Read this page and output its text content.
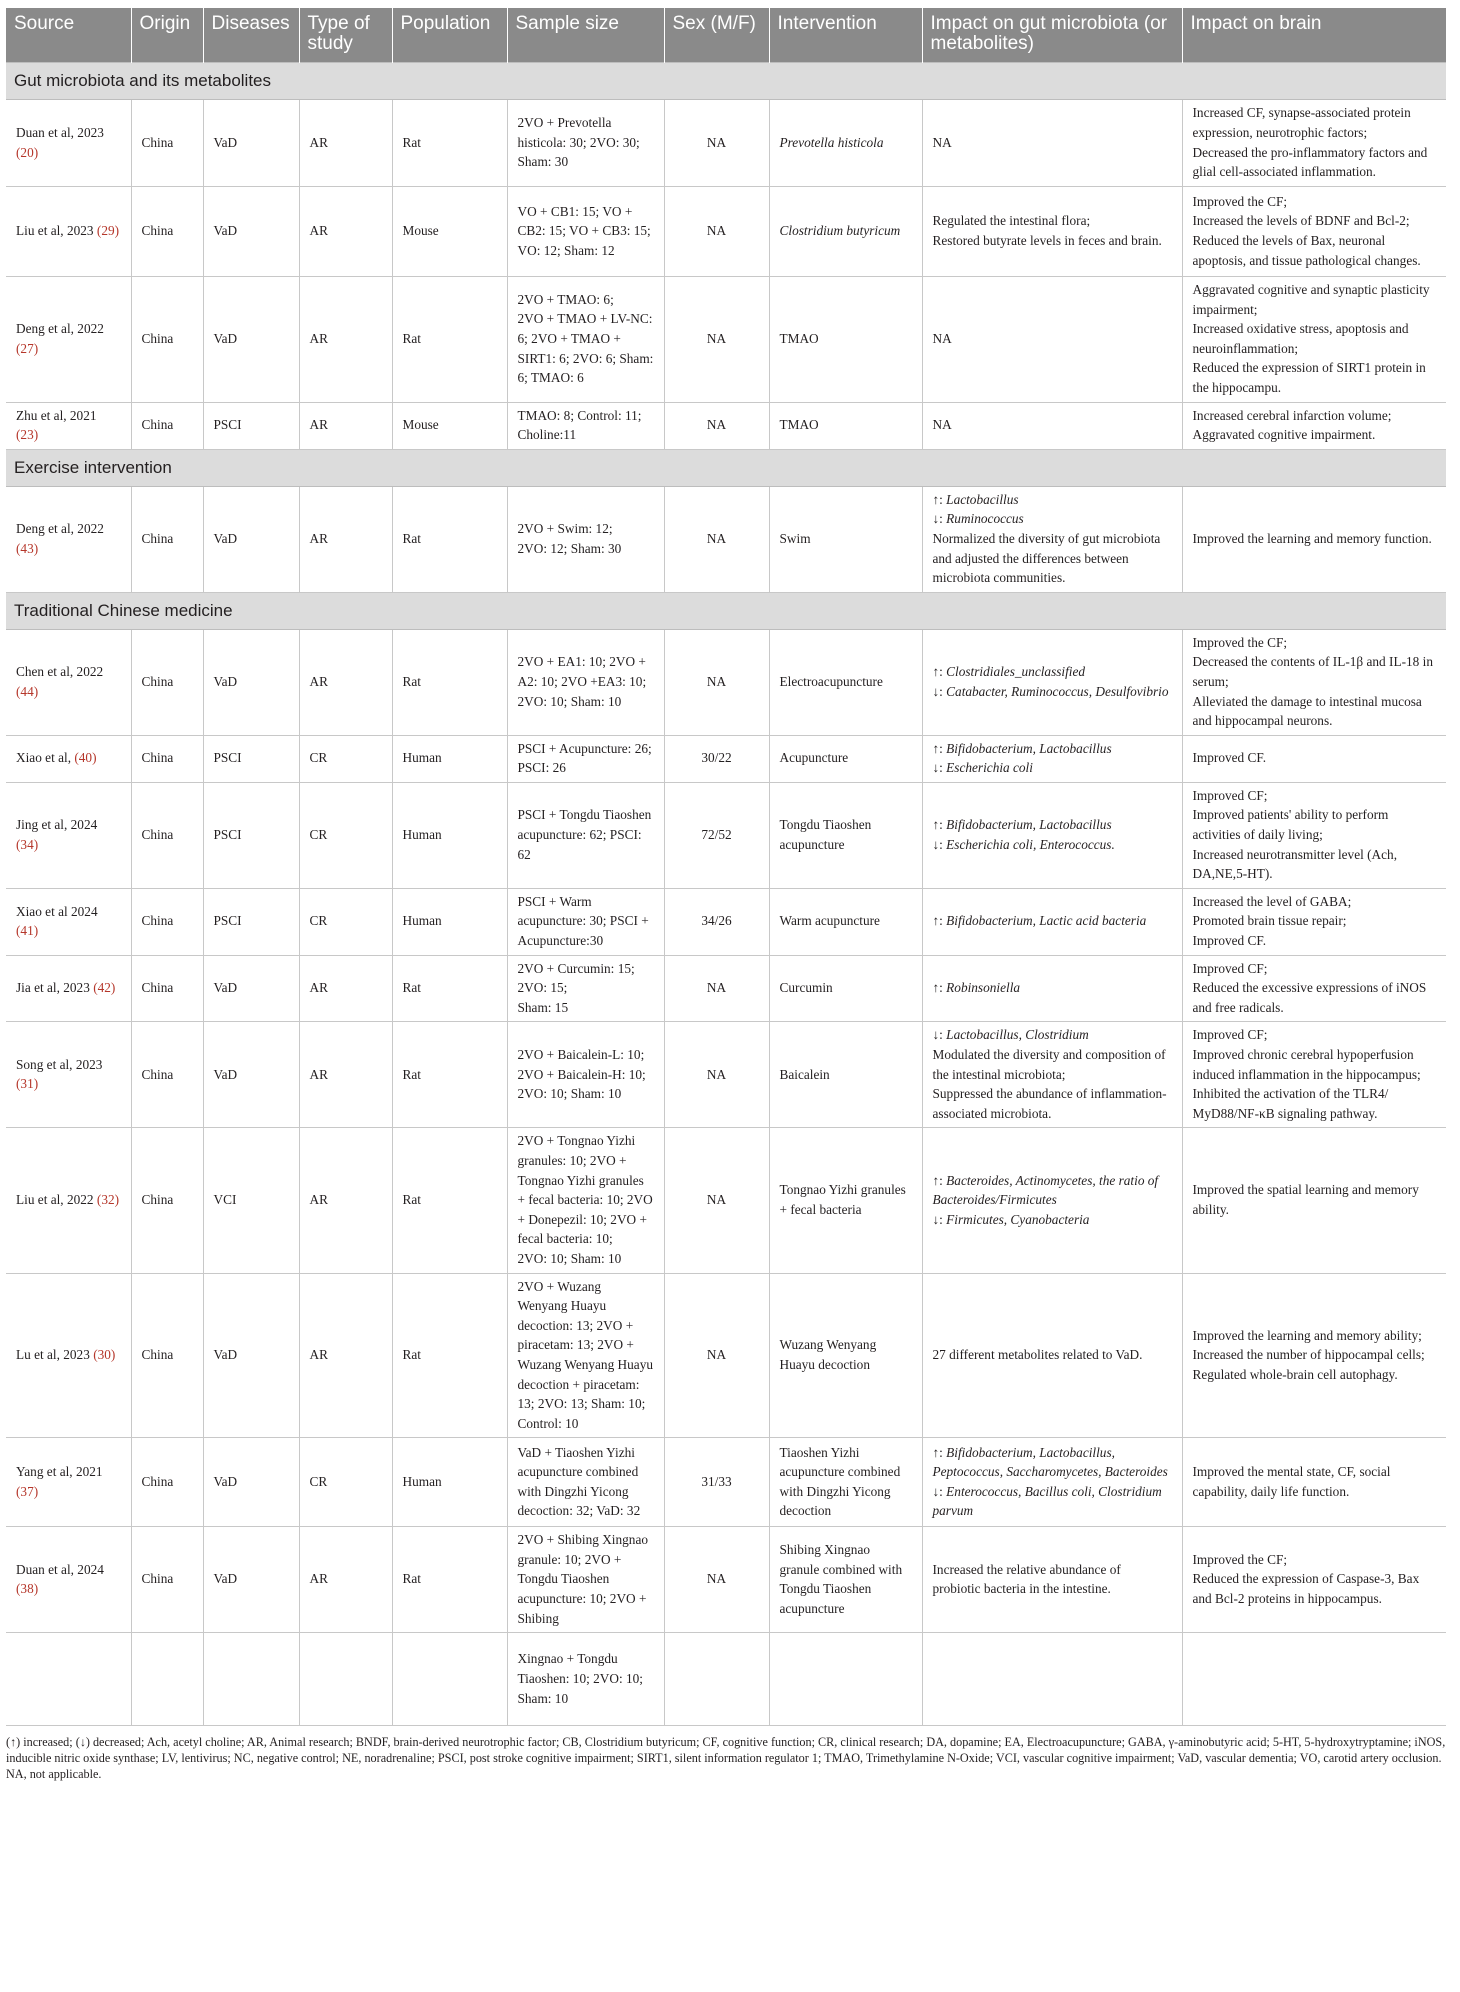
Source	Origin	Diseases	Type of study	Population	Sample size	Sex (M/F)	Intervention	Impact on gut microbiota (or metabolites)	Impact on brain
Gut microbiota and its metabolites									
Duan et al, 2023 (20)	China	VaD	AR	Rat	2VO + Prevotella histicola: 30; 2VO: 30; Sham: 30	NA	Prevotella histicola	NA	Increased CF, synapse-associated protein expression, neurotrophic factors;
Decreased the pro-inflammatory factors and glial cell-associated inflammation.

Liu et al, 2023 (29)	China	VaD	AR	Mouse	VO + CB1: 15; VO + CB2: 15; VO + CB3: 15; VO: 12; Sham: 12	NA	Clostridium butyricum	Regulated the intestinal flora;
Restored butyrate levels in feces and brain.	Improved the CF;
Increased the levels of BDNF and Bcl-2;
Reduced the levels of Bax, neuronal apoptosis, and tissue pathological changes.

Deng et al, 2022 (27)	China	VaD	AR	Rat	2VO + TMAO: 6;
2VO + TMAO + LV-NC: 6; 2VO + TMAO + SIRT1: 6; 2VO: 6; Sham: 6; TMAO: 6	NA	TMAO	NA	Aggravated cognitive and synaptic plasticity impairment;
Increased oxidative stress, apoptosis and neuroinflammation;
Reduced the expression of SIRT1 protein in the hippocampu.

Zhu et al, 2021 (23)	China	PSCI	AR	Mouse	TMAO: 8; Control: 11; Choline:11	NA	TMAO	NA	Increased cerebral infarction volume;
Aggravated cognitive impairment.

Exercise intervention									
Deng et al, 2022 (43)	China	VaD	AR	Rat	2VO + Swim: 12;
2VO: 12; Sham: 30	NA	Swim	↑: Lactobacillus
↓: Ruminococcus
Normalized the diversity of gut microbiota and adjusted the differences between microbiota communities.	Improved the learning and memory function.

Traditional Chinese medicine									
Chen et al, 2022 (44)	China	VaD	AR	Rat	2VO + EA1: 10; 2VO + A2: 10; 2VO +EA3: 10; 2VO: 10; Sham: 10	NA	Electroacupuncture	↑: Clostridiales_unclassified
↓: Catabacter, Ruminococcus, Desulfovibrio	Improved the CF;
Decreased the contents of IL-1β and IL-18 in serum;
Alleviated the damage to intestinal mucosa and hippocampal neurons.

Xiao et al, (40)	China	PSCI	CR	Human	PSCI + Acupuncture: 26; PSCI: 26	30/22	Acupuncture	↑: Bifidobacterium, Lactobacillus
↓: Escherichia coli	Improved CF.

Jing et al, 2024 (34)	China	PSCI	CR	Human	PSCI + Tongdu Tiaoshen acupuncture: 62; PSCI: 62	72/52	Tongdu Tiaoshen acupuncture	↑: Bifidobacterium, Lactobacillus
↓: Escherichia coli, Enterococcus.	Improved CF;
Improved patients' ability to perform activities of daily living;
Increased neurotransmitter level (Ach, DA,NE,5-HT).

Xiao et al 2024 (41)	China	PSCI	CR	Human	PSCI + Warm acupuncture: 30; PSCI + Acupuncture:30	34/26	Warm acupuncture	↑: Bifidobacterium, Lactic acid bacteria	Increased the level of GABA;
Promoted brain tissue repair;
Improved CF.

Jia et al, 2023 (42)	China	VaD	AR	Rat	2VO + Curcumin: 15;
2VO: 15;
Sham: 15	NA	Curcumin	↑: Robinsoniella	Improved CF;
Reduced the excessive expressions of iNOS and free radicals.

Song et al, 2023 (31)	China	VaD	AR	Rat	2VO + Baicalein-L: 10; 2VO + Baicalein-H: 10; 2VO: 10; Sham: 10	NA	Baicalein	↓: Lactobacillus, Clostridium
Modulated the diversity and composition of the intestinal microbiota;
Suppressed the abundance of inflammation-associated microbiota.	Improved CF;
Improved chronic cerebral hypoperfusion induced inflammation in the hippocampus;
Inhibited the activation of the TLR4/ MyD88/NF-κB signaling pathway.

Liu et al, 2022 (32)	China	VCI	AR	Rat	2VO + Tongnao Yizhi granules: 10; 2VO + Tongnao Yizhi granules + fecal bacteria: 10; 2VO + Donepezil: 10; 2VO + fecal bacteria: 10;
2VO: 10; Sham: 10	NA	Tongnao Yizhi granules + fecal bacteria	↑: Bacteroides, Actinomycetes, the ratio of Bacteroides/Firmicutes
↓: Firmicutes, Cyanobacteria	Improved the spatial learning and memory ability.

Lu et al, 2023 (30)	China	VaD	AR	Rat	2VO + Wuzang Wenyang Huayu decoction: 13; 2VO + piracetam: 13; 2VO + Wuzang Wenyang Huayu decoction + piracetam: 13; 2VO: 13; Sham: 10; Control: 10	NA	Wuzang Wenyang Huayu decoction	27 different metabolites related to VaD.	Improved the learning and memory ability;
Increased the number of hippocampal cells;
Regulated whole-brain cell autophagy.

Yang et al, 2021 (37)	China	VaD	CR	Human	VaD + Tiaoshen Yizhi acupuncture combined with Dingzhi Yicong decoction: 32; VaD: 32	31/33	Tiaoshen Yizhi acupuncture combined with Dingzhi Yicong decoction	↑: Bifidobacterium, Lactobacillus, Peptococcus, Saccharomycetes, Bacteroides
↓: Enterococcus, Bacillus coli, Clostridium parvum	Improved the mental state, CF, social capability, daily life function.

Duan et al, 2024 (38)	China	VaD	AR	Rat	2VO + Shibing Xingnao granule: 10; 2VO + Tongdu Tiaoshen acupuncture: 10; 2VO + Shibing	NA	Shibing Xingnao granule combined with Tongdu Tiaoshen acupuncture	Increased the relative abundance of probiotic bacteria in the intestine.	Improved the CF;
Reduced the expression of Caspase-3, Bax and Bcl-2 proteins in hippocampus.

					Xingnao + Tongdu Tiaoshen: 10; 2VO: 10; Sham: 10				

(↑) increased; (↓) decreased; Ach, acetyl choline; AR, Animal research; BNDF, brain-derived neurotrophic factor; CB, Clostridium butyricum; CF, cognitive function; CR, clinical research; DA, dopamine; EA, Electroacupuncture; GABA, γ-aminobutyric acid; 5-HT, 5-hydroxytryptamine; iNOS, inducible nitric oxide synthase; LV, lentivirus; NC, negative control; NE, noradrenaline; PSCI, post stroke cognitive impairment; SIRT1, silent information regulator 1; TMAO, Trimethylamine N-Oxide; VCI, vascular cognitive impairment; VaD, vascular dementia; VO, carotid artery occlusion. NA, not applicable.
